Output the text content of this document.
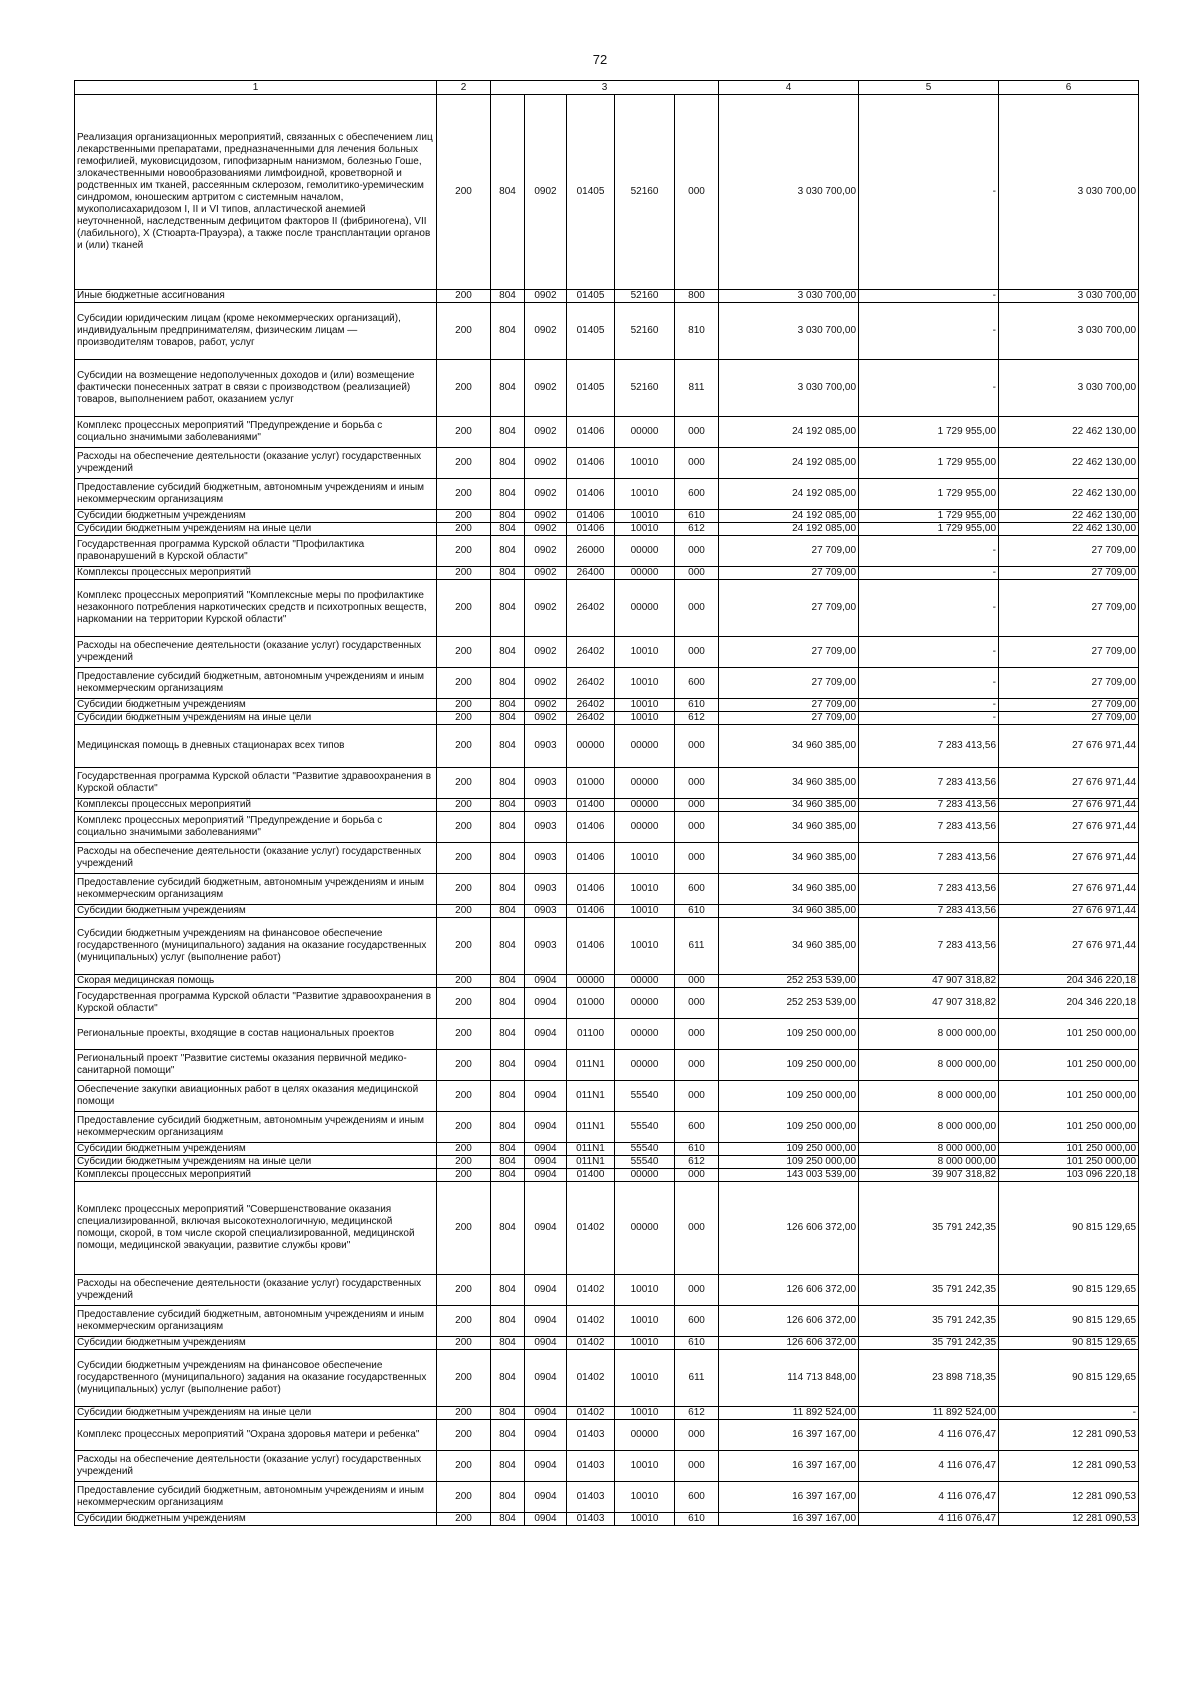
72
1	2	3					4	5	6
Реализация организационных мероприятий, связанных с обеспечением лиц лекарственными препаратами, предназначенными для лечения больных гемофилией, муковисцидозом, гипофизарным нанизмом, болезнью Гоше, злокачественными новообразованиями лимфоидной, кроветворной и родственных им тканей, рассеянным склерозом, гемолитико-уремическим синдромом, юношеским артритом с системным началом, мукополисахаридозом I, II и VI типов, апластической анемией неуточненной, наследственным дефицитом факторов II (фибриногена), VII (лабильного), X (Стюарта-Прауэра), а также после трансплантации органов и (или) тканей	200	804	0902	01405	52160	000	3 030 700,00	-	3 030 700,00
Иные бюджетные ассигнования	200	804	0902	01405	52160	800	3 030 700,00	-	3 030 700,00
Субсидии юридическим лицам (кроме некоммерческих организаций), индивидуальным предпринимателям, физическим лицам — производителям товаров, работ, услуг	200	804	0902	01405	52160	810	3 030 700,00	-	3 030 700,00
Субсидии на возмещение недополученных доходов и (или) возмещение фактически понесенных затрат в связи с производством (реализацией) товаров, выполнением работ, оказанием услуг	200	804	0902	01405	52160	811	3 030 700,00	-	3 030 700,00
Комплекс процессных мероприятий "Предупреждение и борьба с социально значимыми заболеваниями"	200	804	0902	01406	00000	000	24 192 085,00	1 729 955,00	22 462 130,00
Расходы на обеспечение деятельности (оказание услуг) государственных учреждений	200	804	0902	01406	10010	000	24 192 085,00	1 729 955,00	22 462 130,00
Предоставление субсидий бюджетным, автономным учреждениям и иным некоммерческим организациям	200	804	0902	01406	10010	600	24 192 085,00	1 729 955,00	22 462 130,00
Субсидии бюджетным учреждениям	200	804	0902	01406	10010	610	24 192 085,00	1 729 955,00	22 462 130,00
Субсидии бюджетным учреждениям на иные цели	200	804	0902	01406	10010	612	24 192 085,00	1 729 955,00	22 462 130,00
Государственная программа Курской области "Профилактика правонарушений в Курской области"	200	804	0902	26000	00000	000	27 709,00	-	27 709,00
Комплексы процессных мероприятий	200	804	0902	26400	00000	000	27 709,00	-	27 709,00
Комплекс процессных мероприятий "Комплексные меры по профилактике незаконного потребления наркотических средств и психотропных веществ, наркомании на территории Курской области"	200	804	0902	26402	00000	000	27 709,00	-	27 709,00
Расходы на обеспечение деятельности (оказание услуг) государственных учреждений	200	804	0902	26402	10010	000	27 709,00	-	27 709,00
Предоставление субсидий бюджетным, автономным учреждениям и иным некоммерческим организациям	200	804	0902	26402	10010	600	27 709,00	-	27 709,00
Субсидии бюджетным учреждениям	200	804	0902	26402	10010	610	27 709,00	-	27 709,00
Субсидии бюджетным учреждениям на иные цели	200	804	0902	26402	10010	612	27 709,00	-	27 709,00
Медицинская помощь в дневных стационарах всех типов	200	804	0903	00000	00000	000	34 960 385,00	7 283 413,56	27 676 971,44
Государственная программа Курской области "Развитие здравоохранения в Курской области"	200	804	0903	01000	00000	000	34 960 385,00	7 283 413,56	27 676 971,44
Комплексы процессных мероприятий	200	804	0903	01400	00000	000	34 960 385,00	7 283 413,56	27 676 971,44
Комплекс процессных мероприятий "Предупреждение и борьба с социально значимыми заболеваниями"	200	804	0903	01406	00000	000	34 960 385,00	7 283 413,56	27 676 971,44
Расходы на обеспечение деятельности (оказание услуг) государственных учреждений	200	804	0903	01406	10010	000	34 960 385,00	7 283 413,56	27 676 971,44
Предоставление субсидий бюджетным, автономным учреждениям и иным некоммерческим организациям	200	804	0903	01406	10010	600	34 960 385,00	7 283 413,56	27 676 971,44
Субсидии бюджетным учреждениям	200	804	0903	01406	10010	610	34 960 385,00	7 283 413,56	27 676 971,44
Субсидии бюджетным учреждениям на финансовое обеспечение государственного (муниципального) задания на оказание государственных (муниципальных) услуг (выполнение работ)	200	804	0903	01406	10010	611	34 960 385,00	7 283 413,56	27 676 971,44
Скорая медицинская помощь	200	804	0904	00000	00000	000	252 253 539,00	47 907 318,82	204 346 220,18
Государственная программа Курской области "Развитие здравоохранения в Курской области"	200	804	0904	01000	00000	000	252 253 539,00	47 907 318,82	204 346 220,18
Региональные проекты, входящие в состав национальных проектов	200	804	0904	01100	00000	000	109 250 000,00	8 000 000,00	101 250 000,00
Региональный проект "Развитие системы оказания первичной медико-санитарной помощи"	200	804	0904	011N1	00000	000	109 250 000,00	8 000 000,00	101 250 000,00
Обеспечение закупки авиационных работ в целях оказания медицинской помощи	200	804	0904	011N1	55540	000	109 250 000,00	8 000 000,00	101 250 000,00
Предоставление субсидий бюджетным, автономным учреждениям и иным некоммерческим организациям	200	804	0904	011N1	55540	600	109 250 000,00	8 000 000,00	101 250 000,00
Субсидии бюджетным учреждениям	200	804	0904	011N1	55540	610	109 250 000,00	8 000 000,00	101 250 000,00
Субсидии бюджетным учреждениям на иные цели	200	804	0904	011N1	55540	612	109 250 000,00	8 000 000,00	101 250 000,00
Комплексы процессных мероприятий	200	804	0904	01400	00000	000	143 003 539,00	39 907 318,82	103 096 220,18
Комплекс процессных мероприятий "Совершенствование оказания специализированной, включая высокотехнологичную, медицинской помощи, скорой, в том числе скорой специализированной, медицинской помощи, медицинской эвакуации, развитие службы крови"	200	804	0904	01402	00000	000	126 606 372,00	35 791 242,35	90 815 129,65
Расходы на обеспечение деятельности (оказание услуг) государственных учреждений	200	804	0904	01402	10010	000	126 606 372,00	35 791 242,35	90 815 129,65
Предоставление субсидий бюджетным, автономным учреждениям и иным некоммерческим организациям	200	804	0904	01402	10010	600	126 606 372,00	35 791 242,35	90 815 129,65
Субсидии бюджетным учреждениям	200	804	0904	01402	10010	610	126 606 372,00	35 791 242,35	90 815 129,65
Субсидии бюджетным учреждениям на финансовое обеспечение государственного (муниципального) задания на оказание государственных (муниципальных) услуг (выполнение работ)	200	804	0904	01402	10010	611	114 713 848,00	23 898 718,35	90 815 129,65
Субсидии бюджетным учреждениям на иные цели	200	804	0904	01402	10010	612	11 892 524,00	11 892 524,00	-
Комплекс процессных мероприятий "Охрана здоровья матери и ребенка"	200	804	0904	01403	00000	000	16 397 167,00	4 116 076,47	12 281 090,53
Расходы на обеспечение деятельности (оказание услуг) государственных учреждений	200	804	0904	01403	10010	000	16 397 167,00	4 116 076,47	12 281 090,53
Предоставление субсидий бюджетным, автономным учреждениям и иным некоммерческим организациям	200	804	0904	01403	10010	600	16 397 167,00	4 116 076,47	12 281 090,53
Субсидии бюджетным учреждениям	200	804	0904	01403	10010	610	16 397 167,00	4 116 076,47	12 281 090,53
